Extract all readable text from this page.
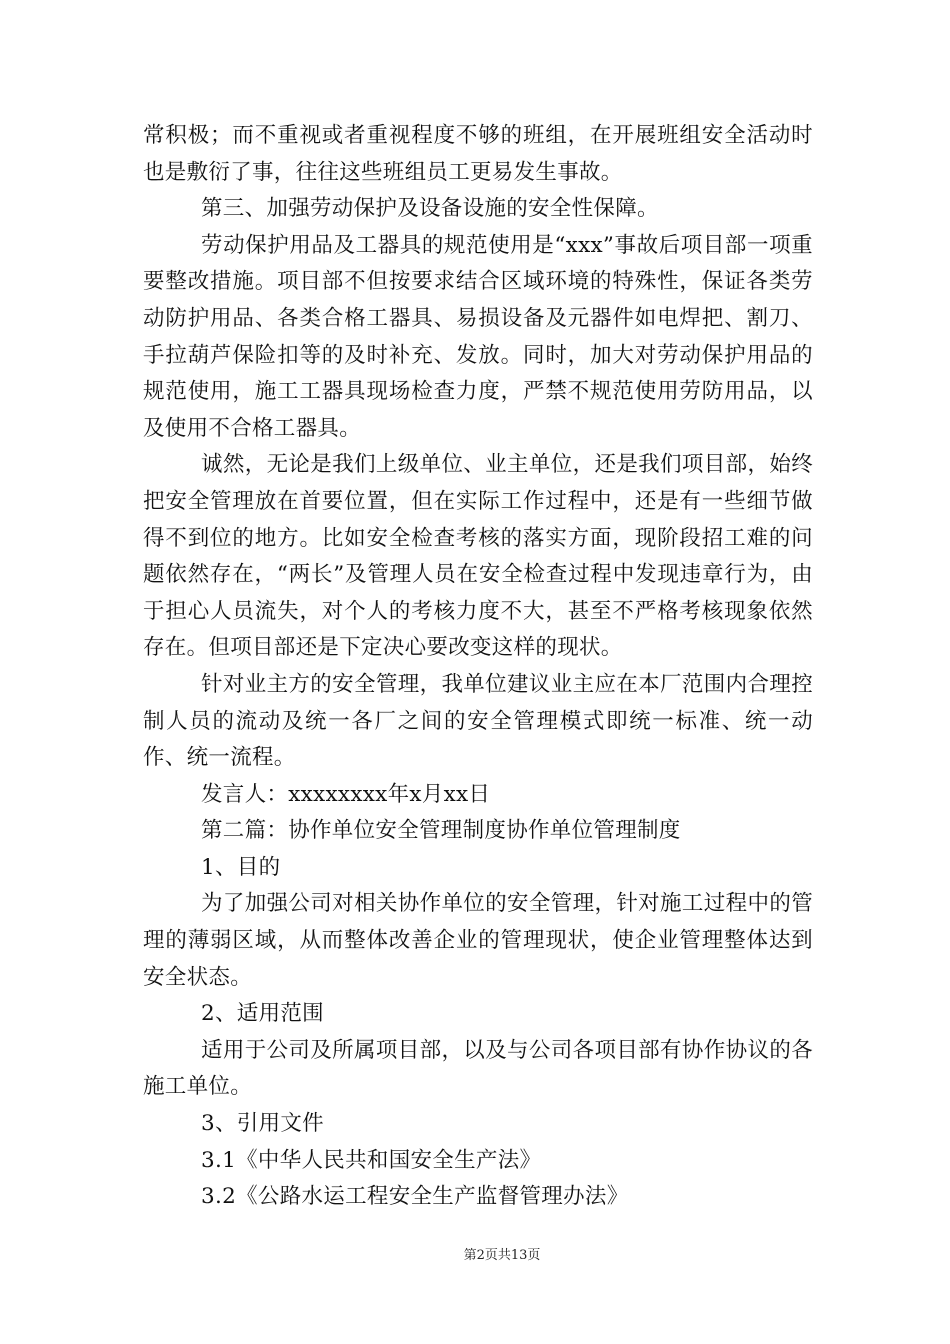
常积极；而不重视或者重视程度不够的班组，在开展班组安全活动时也是敷衍了事，往往这些班组员工更易发生事故。

第三、加强劳动保护及设备设施的安全性保障。

劳动保护用品及工器具的规范使用是“xxx”事故后项目部一项重要整改措施。项目部不但按要求结合区域环境的特殊性，保证各类劳动防护用品、各类合格工器具、易损设备及元器件如电焊把、割刀、手拉葫芦保险扣等的及时补充、发放。同时，加大对劳动保护用品的规范使用，施工工器具现场检查力度，严禁不规范使用劳防用品，以及使用不合格工器具。

诚然，无论是我们上级单位、业主单位，还是我们项目部，始终把安全管理放在首要位置，但在实际工作过程中，还是有一些细节做得不到位的地方。比如安全检查考核的落实方面，现阶段招工难的问题依然存在，“两长”及管理人员在安全检查过程中发现违章行为，由于担心人员流失，对个人的考核力度不大，甚至不严格考核现象依然存在。但项目部还是下定决心要改变这样的现状。

针对业主方的安全管理，我单位建议业主应在本厂范围内合理控制人员的流动及统一各厂之间的安全管理模式即统一标准、统一动作、统一流程。

发言人：xxxxxxxx年x月xx日

第二篇：协作单位安全管理制度协作单位管理制度

1、目的

为了加强公司对相关协作单位的安全管理，针对施工过程中的管理的薄弱区域，从而整体改善企业的管理现状，使企业管理整体达到安全状态。

2、适用范围

适用于公司及所属项目部，以及与公司各项目部有协作协议的各施工单位。

3、引用文件

3.1《中华人民共和国安全生产法》

3.2《公路水运工程安全生产监督管理办法》

第2页共13页
